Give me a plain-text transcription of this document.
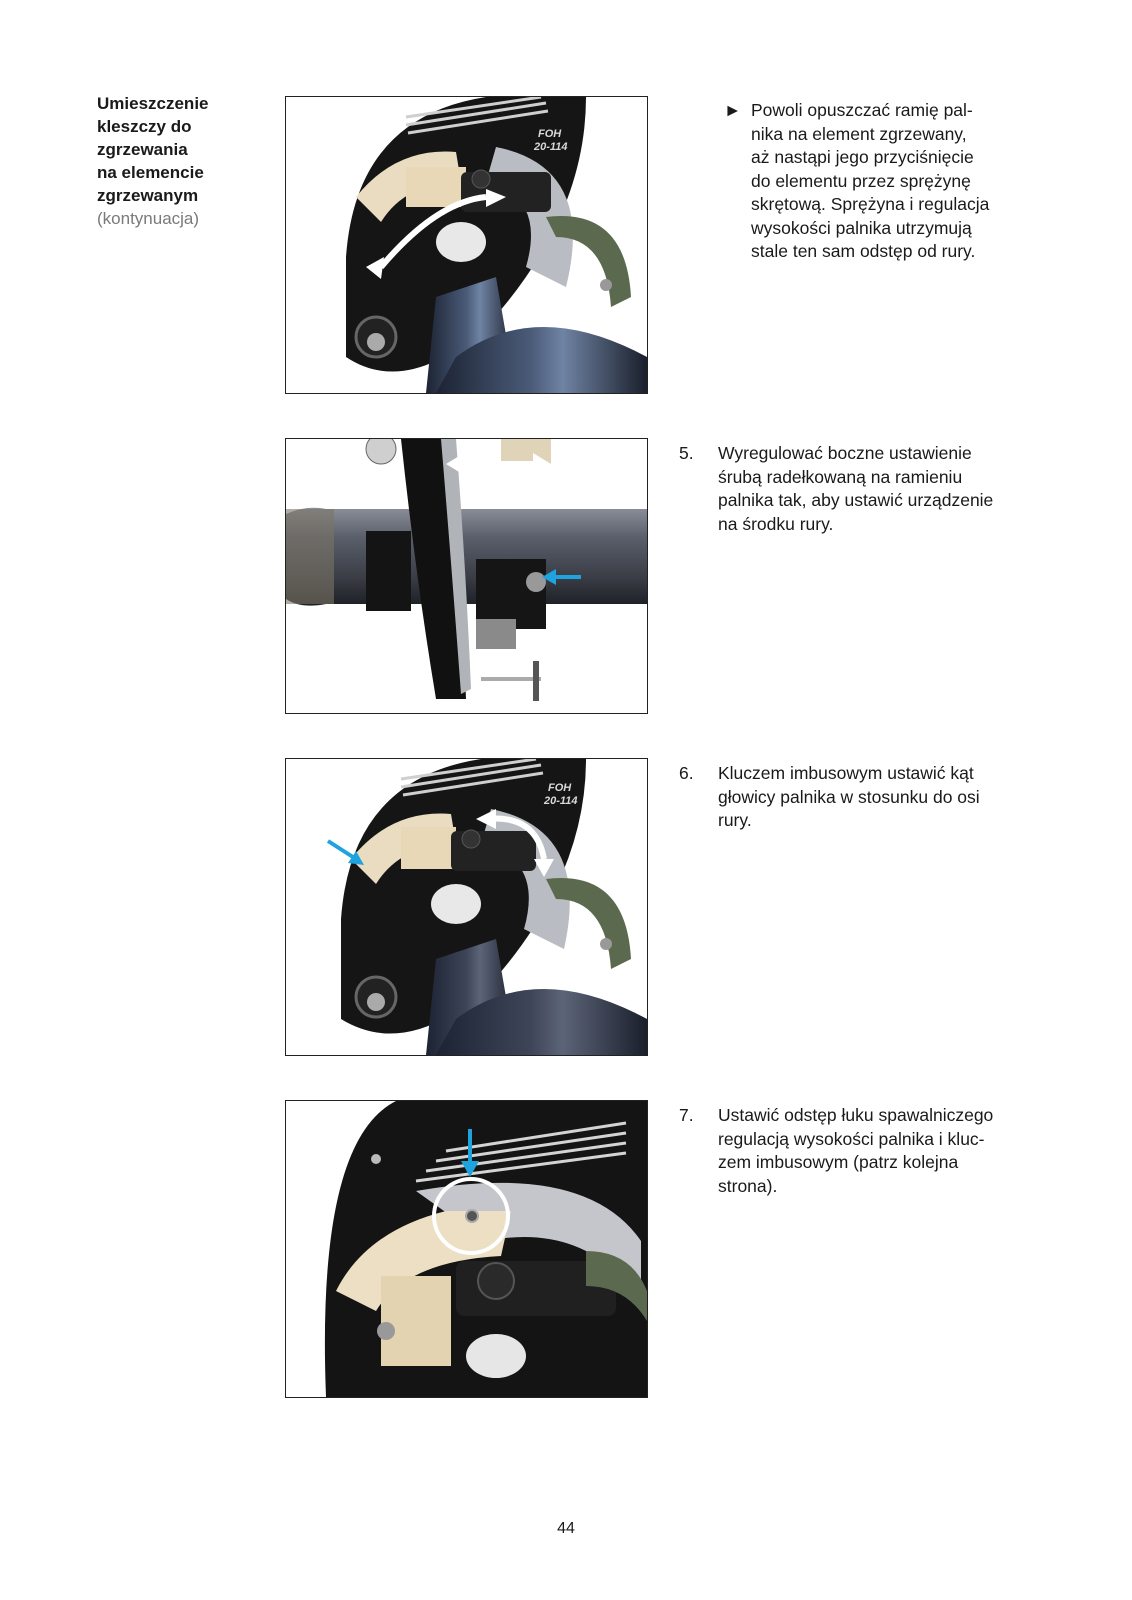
Umieszczenie
kleszczy do
zgrzewania
na elemencie
zgrzewanym
(kontynuacja)
FOH
20-114
FOH
20-114
► Powoli opuszczać ramię pal-
nika na element zgrzewany,
aż nastąpi jego przyciśnięcie
do elementu przez sprężynę
skrętową. Sprężyna i regulacja
wysokości palnika utrzymują
stale ten sam odstęp od rury.
5. Wyregulować boczne ustawienie
śrubą radełkowaną na ramieniu
palnika tak, aby ustawić urządzenie
na środku rury.
6. Kluczem imbusowym ustawić kąt
głowicy palnika w stosunku do osi
rury.
7. Ustawić odstęp łuku spawalniczego
regulacją wysokości palnika i kluc-
zem imbusowym (patrz kolejna
strona).
44
